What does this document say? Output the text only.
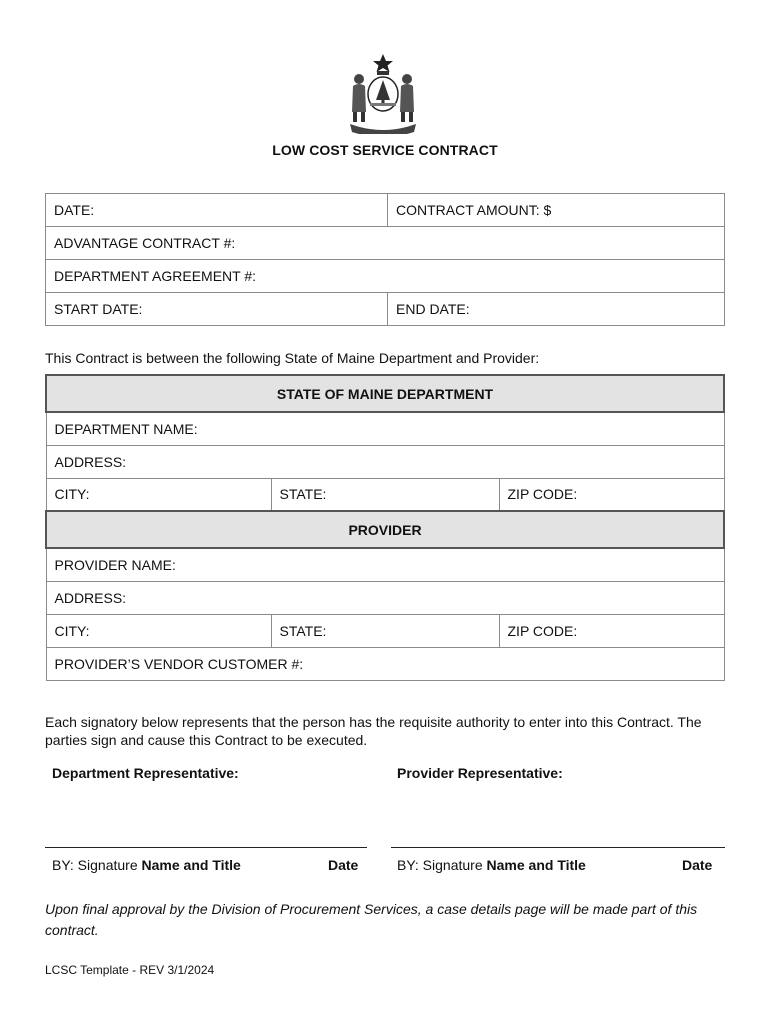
LOW COST SERVICE CONTRACT
DATE:	CONTRACT AMOUNT: $
ADVANTAGE CONTRACT #:	
DEPARTMENT AGREEMENT #:	
START DATE:	END DATE:
This Contract is between the following State of Maine Department and Provider:
STATE OF MAINE DEPARTMENT		
DEPARTMENT NAME:		
ADDRESS:		
CITY:	STATE:	ZIP CODE:
PROVIDER		
PROVIDER NAME:		
ADDRESS:		
CITY:	STATE:	ZIP CODE:
PROVIDER’S VENDOR CUSTOMER #:		
Each signatory below represents that the person has the requisite authority to enter into this Contract. The parties sign and cause this Contract to be executed.
Department Representative:	Provider Representative:
BY: Signature Name and Title	Date	BY: Signature Name and Title	Date
Upon final approval by the Division of Procurement Services, a case details page will be made part of this contract.
LCSC Template - REV 3/1/2024
